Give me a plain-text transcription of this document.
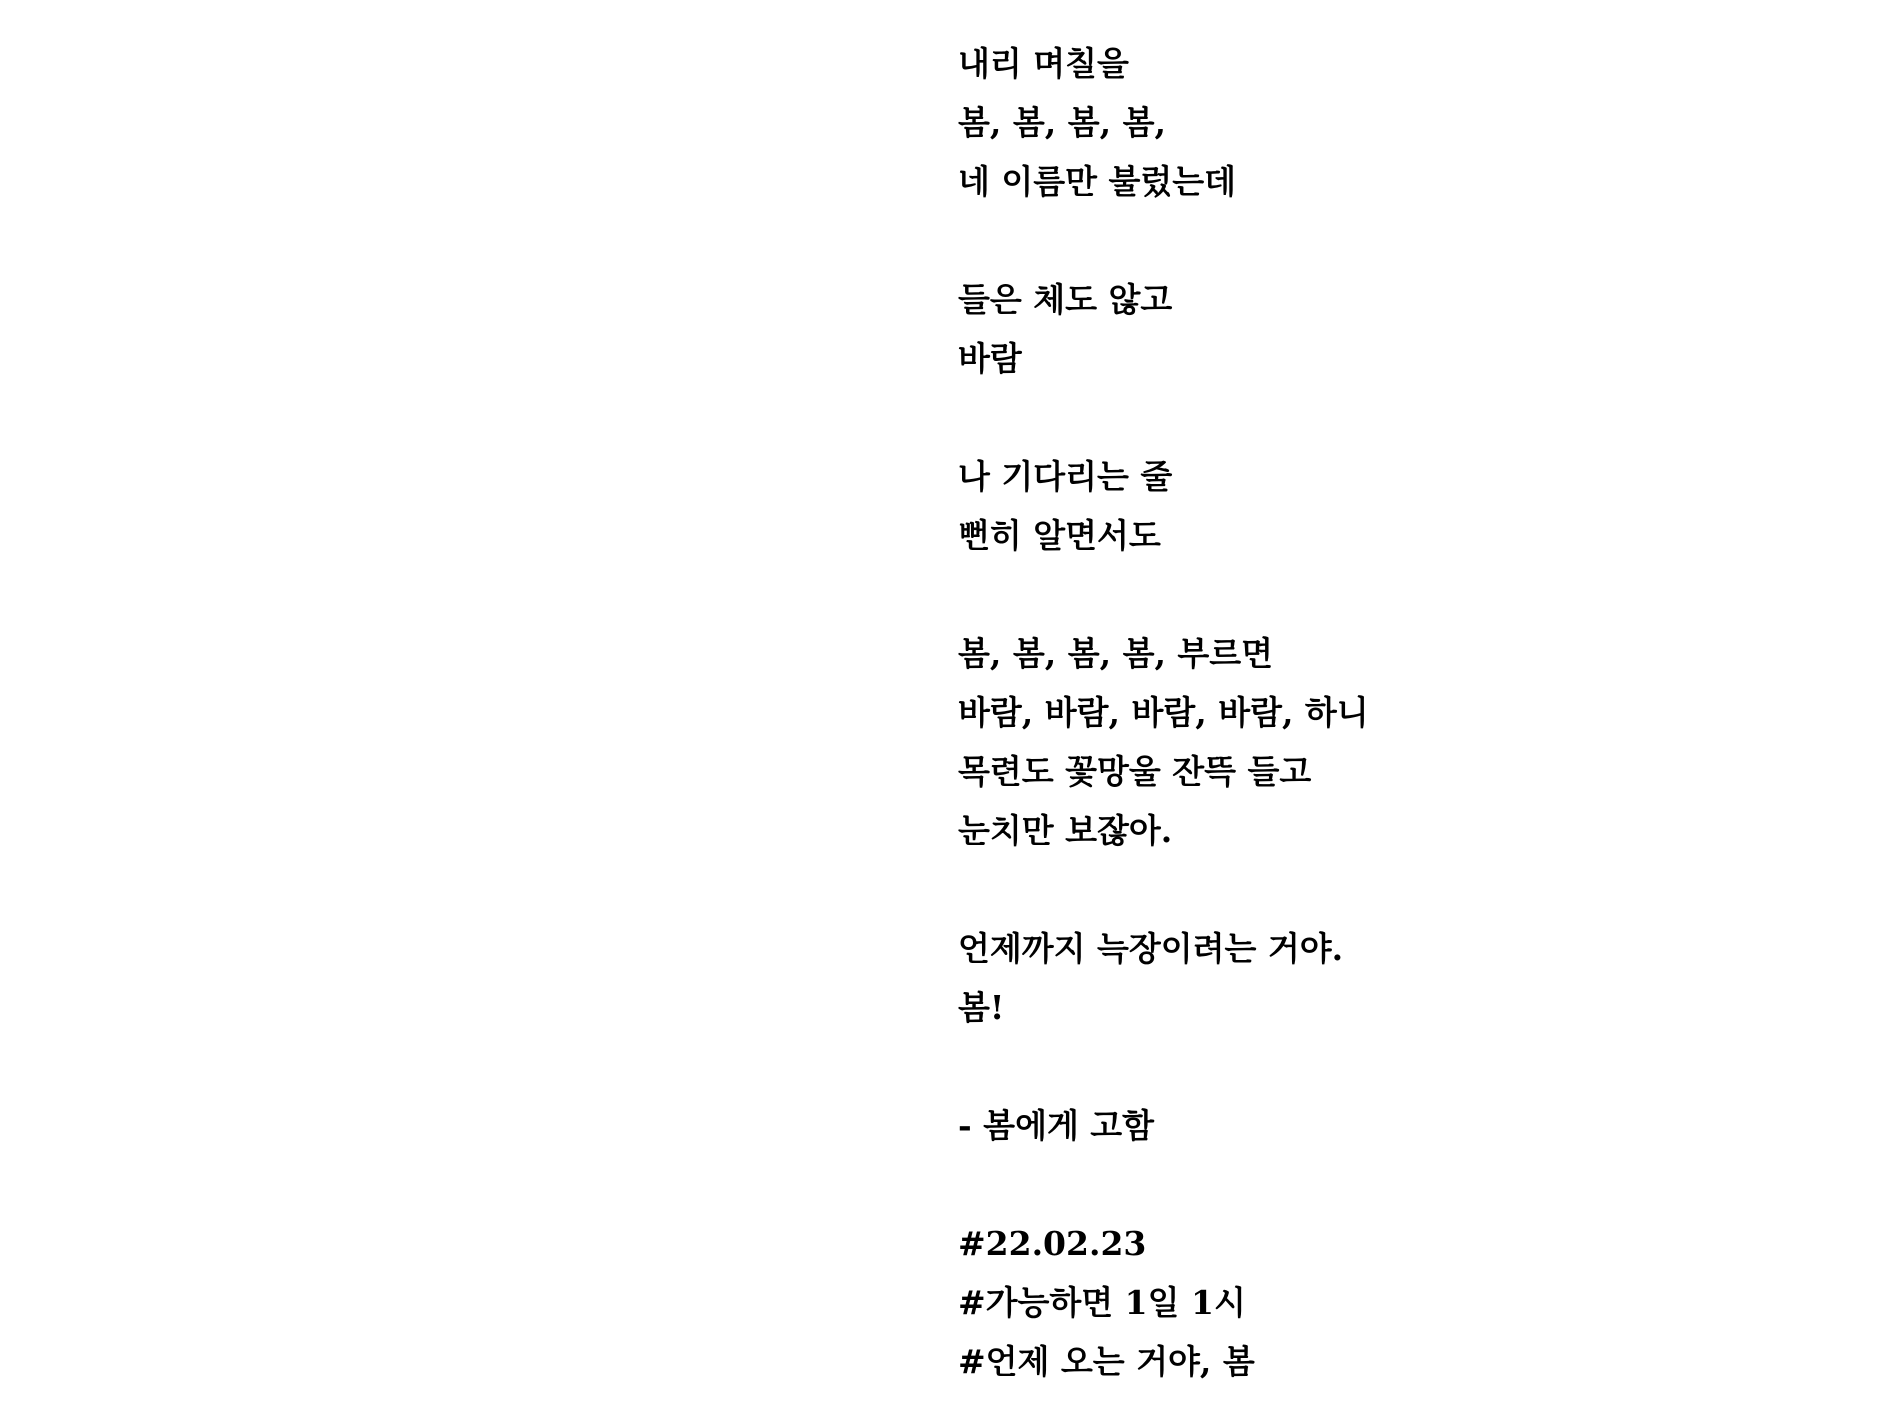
내리 며칠을
봄, 봄, 봄, 봄,
네 이름만 불렀는데
들은 체도 않고
바람
나 기다리는 줄
뻔히 알면서도
봄, 봄, 봄, 봄, 부르면
바람, 바람, 바람, 바람, 하니
목련도 꽃망울 잔뜩 들고
눈치만 보잖아.
언제까지 늑장이려는 거야.
봄!
- 봄에게 고함
#22.02.23
#가능하면 1일 1시
#언제 오는 거야, 봄
